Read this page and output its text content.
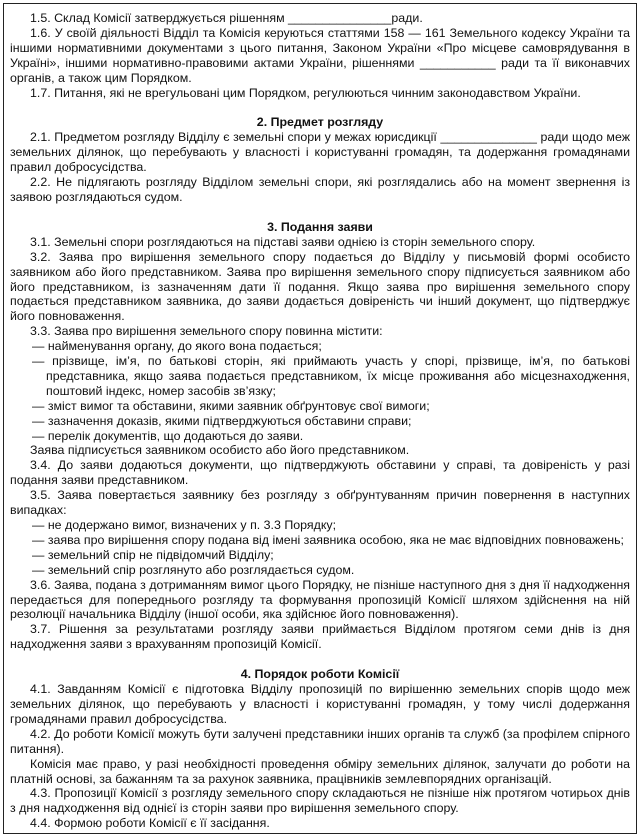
1.5. Склад Комісії затверджується рішенням _______________ради.

1.6. У своїй діяльності Відділ та Комісія керуються статтями 158 — 161 Земельного кодексу України та іншими нормативними документами з цього питання, Законом України «Про місцеве самоврядування в Україні», іншими нормативно-правовими актами України, рішеннями ___________ ради та її виконавчих органів, а також цим Порядком.

1.7. Питання, які не врегульовані цим Порядком, регулюються чинним законодавством України.

2. Предмет розгляду

2.1. Предметом розгляду Відділу є земельні спори у межах юрисдикції ______________ ради щодо меж земельних ділянок, що перебувають у власності і користуванні громадян, та додержання громадянами правил добросусідства.

2.2. Не підлягають розгляду Відділом земельні спори, які розглядались або на момент звернення із заявою розглядаються судом.

3. Подання заяви

3.1. Земельні спори розглядаються на підставі заяви однією із сторін земельного спору.

3.2. Заява про вирішення земельного спору подається до Відділу у письмовій формі особисто заявником або його представником. Заява про вирішення земельного спору підписується заявником або його представником, із зазначенням дати її подання. Якщо заява про вирішення земельного спору подається представником заявника, до заяви додається довіреність чи інший документ, що підтверджує його повноваження.

3.3. Заява про вирішення земельного спору повинна містити:

— найменування органу, до якого вона подається;

— прізвище, ім’я, по батькові сторін, які приймають участь у спорі, прізвище, ім’я, по батькові представника, якщо заява подається представником, їх місце проживання або місцезнаходження, поштовий індекс, номер засобів зв’язку;

— зміст вимог та обставини, якими заявник обґрунтовує свої вимоги;

— зазначення доказів, якими підтверджуються обставини справи;

— перелік документів, що додаються до заяви.

Заява підписується заявником особисто або його представником.

3.4. До заяви додаються документи, що підтверджують обставини у справі, та довіреність у разі подання заяви представником.

3.5. Заява повертається заявнику без розгляду з обґрунтуванням причин повернення в наступних випадках:

— не додержано вимог, визначених у п. 3.3 Порядку;

— заява про вирішення спору подана від імені заявника особою, яка не має відповідних повноважень;

— земельний спір не підвідомчий Відділу;

— земельний спір розглянуто або розглядається судом.

3.6. Заява, подана з дотриманням вимог цього Порядку, не пізніше наступного дня з дня її надходження передається для попереднього розгляду та формування пропозицій Комісії шляхом здійснення на ній резолюції начальника Відділу (іншої особи, яка здійснює його повноваження).

3.7. Рішення за результатами розгляду заяви приймається Відділом протягом семи днів із дня надходження заяви з врахуванням пропозицій Комісії.

4. Порядок роботи Комісії

4.1. Завданням Комісії є підготовка Відділу пропозицій по вирішенню земельних спорів щодо меж земельних ділянок, що перебувають у власності і користуванні громадян, у тому числі додержання громадянами правил добросусідства.

4.2. До роботи Комісії можуть бути залучені представники інших органів та служб (за профілем спірного питання).

Комісія має право, у разі необхідності проведення обміру земельних ділянок, залучати до роботи на платній основі, за бажанням та за рахунок заявника, працівників землевпорядних організацій.

4.3. Пропозиції Комісії з розгляду земельного спору складаються не пізніше ніж протягом чотирьох днів з дня надходження від однієї із сторін заяви про вирішення земельного спору.

4.4. Формою роботи Комісії є її засідання.
